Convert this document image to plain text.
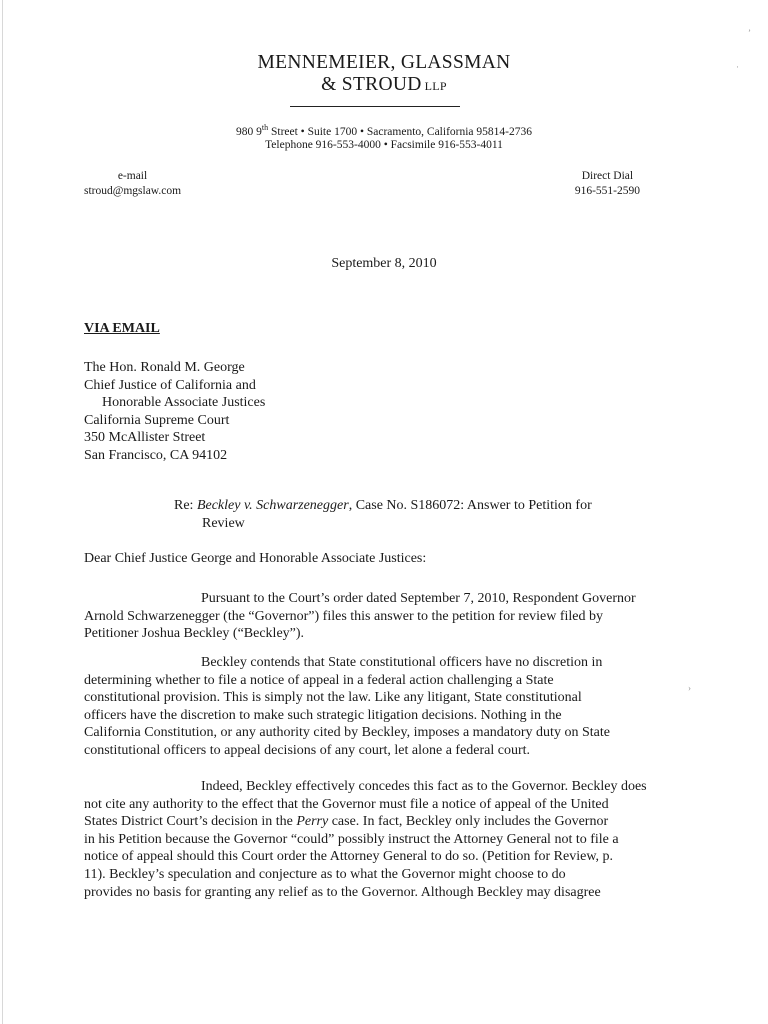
MENNEMEIER, GLASSMAN
& STROUD LLP
980 9th Street • Suite 1700 • Sacramento, California 95814-2736
Telephone 916-553-4000 • Facsimile 916-553-4011
e-mail
stroud@mgslaw.com
Direct Dial
916-551-2590
September 8, 2010
VIA EMAIL
The Hon. Ronald M. George
Chief Justice of California and
Honorable Associate Justices
California Supreme Court
350 McAllister Street
San Francisco, CA 94102
Re: Beckley v. Schwarzenegger, Case No. S186072: Answer to Petition for
Review
Dear Chief Justice George and Honorable Associate Justices:
Pursuant to the Court’s order dated September 7, 2010, Respondent Governor
Arnold Schwarzenegger (the “Governor”) files this answer to the petition for review filed by
Petitioner Joshua Beckley (“Beckley”).
Beckley contends that State constitutional officers have no discretion in
determining whether to file a notice of appeal in a federal action challenging a State
constitutional provision. This is simply not the law. Like any litigant, State constitutional
officers have the discretion to make such strategic litigation decisions. Nothing in the
California Constitution, or any authority cited by Beckley, imposes a mandatory duty on State
constitutional officers to appeal decisions of any court, let alone a federal court.
Indeed, Beckley effectively concedes this fact as to the Governor. Beckley does
not cite any authority to the effect that the Governor must file a notice of appeal of the United
States District Court’s decision in the Perry case. In fact, Beckley only includes the Governor
in his Petition because the Governor “could” possibly instruct the Attorney General not to file a
notice of appeal should this Court order the Attorney General to do so. (Petition for Review, p.
11). Beckley’s speculation and conjecture as to what the Governor might choose to do
provides no basis for granting any relief as to the Governor. Although Beckley may disagree
’
·
›
